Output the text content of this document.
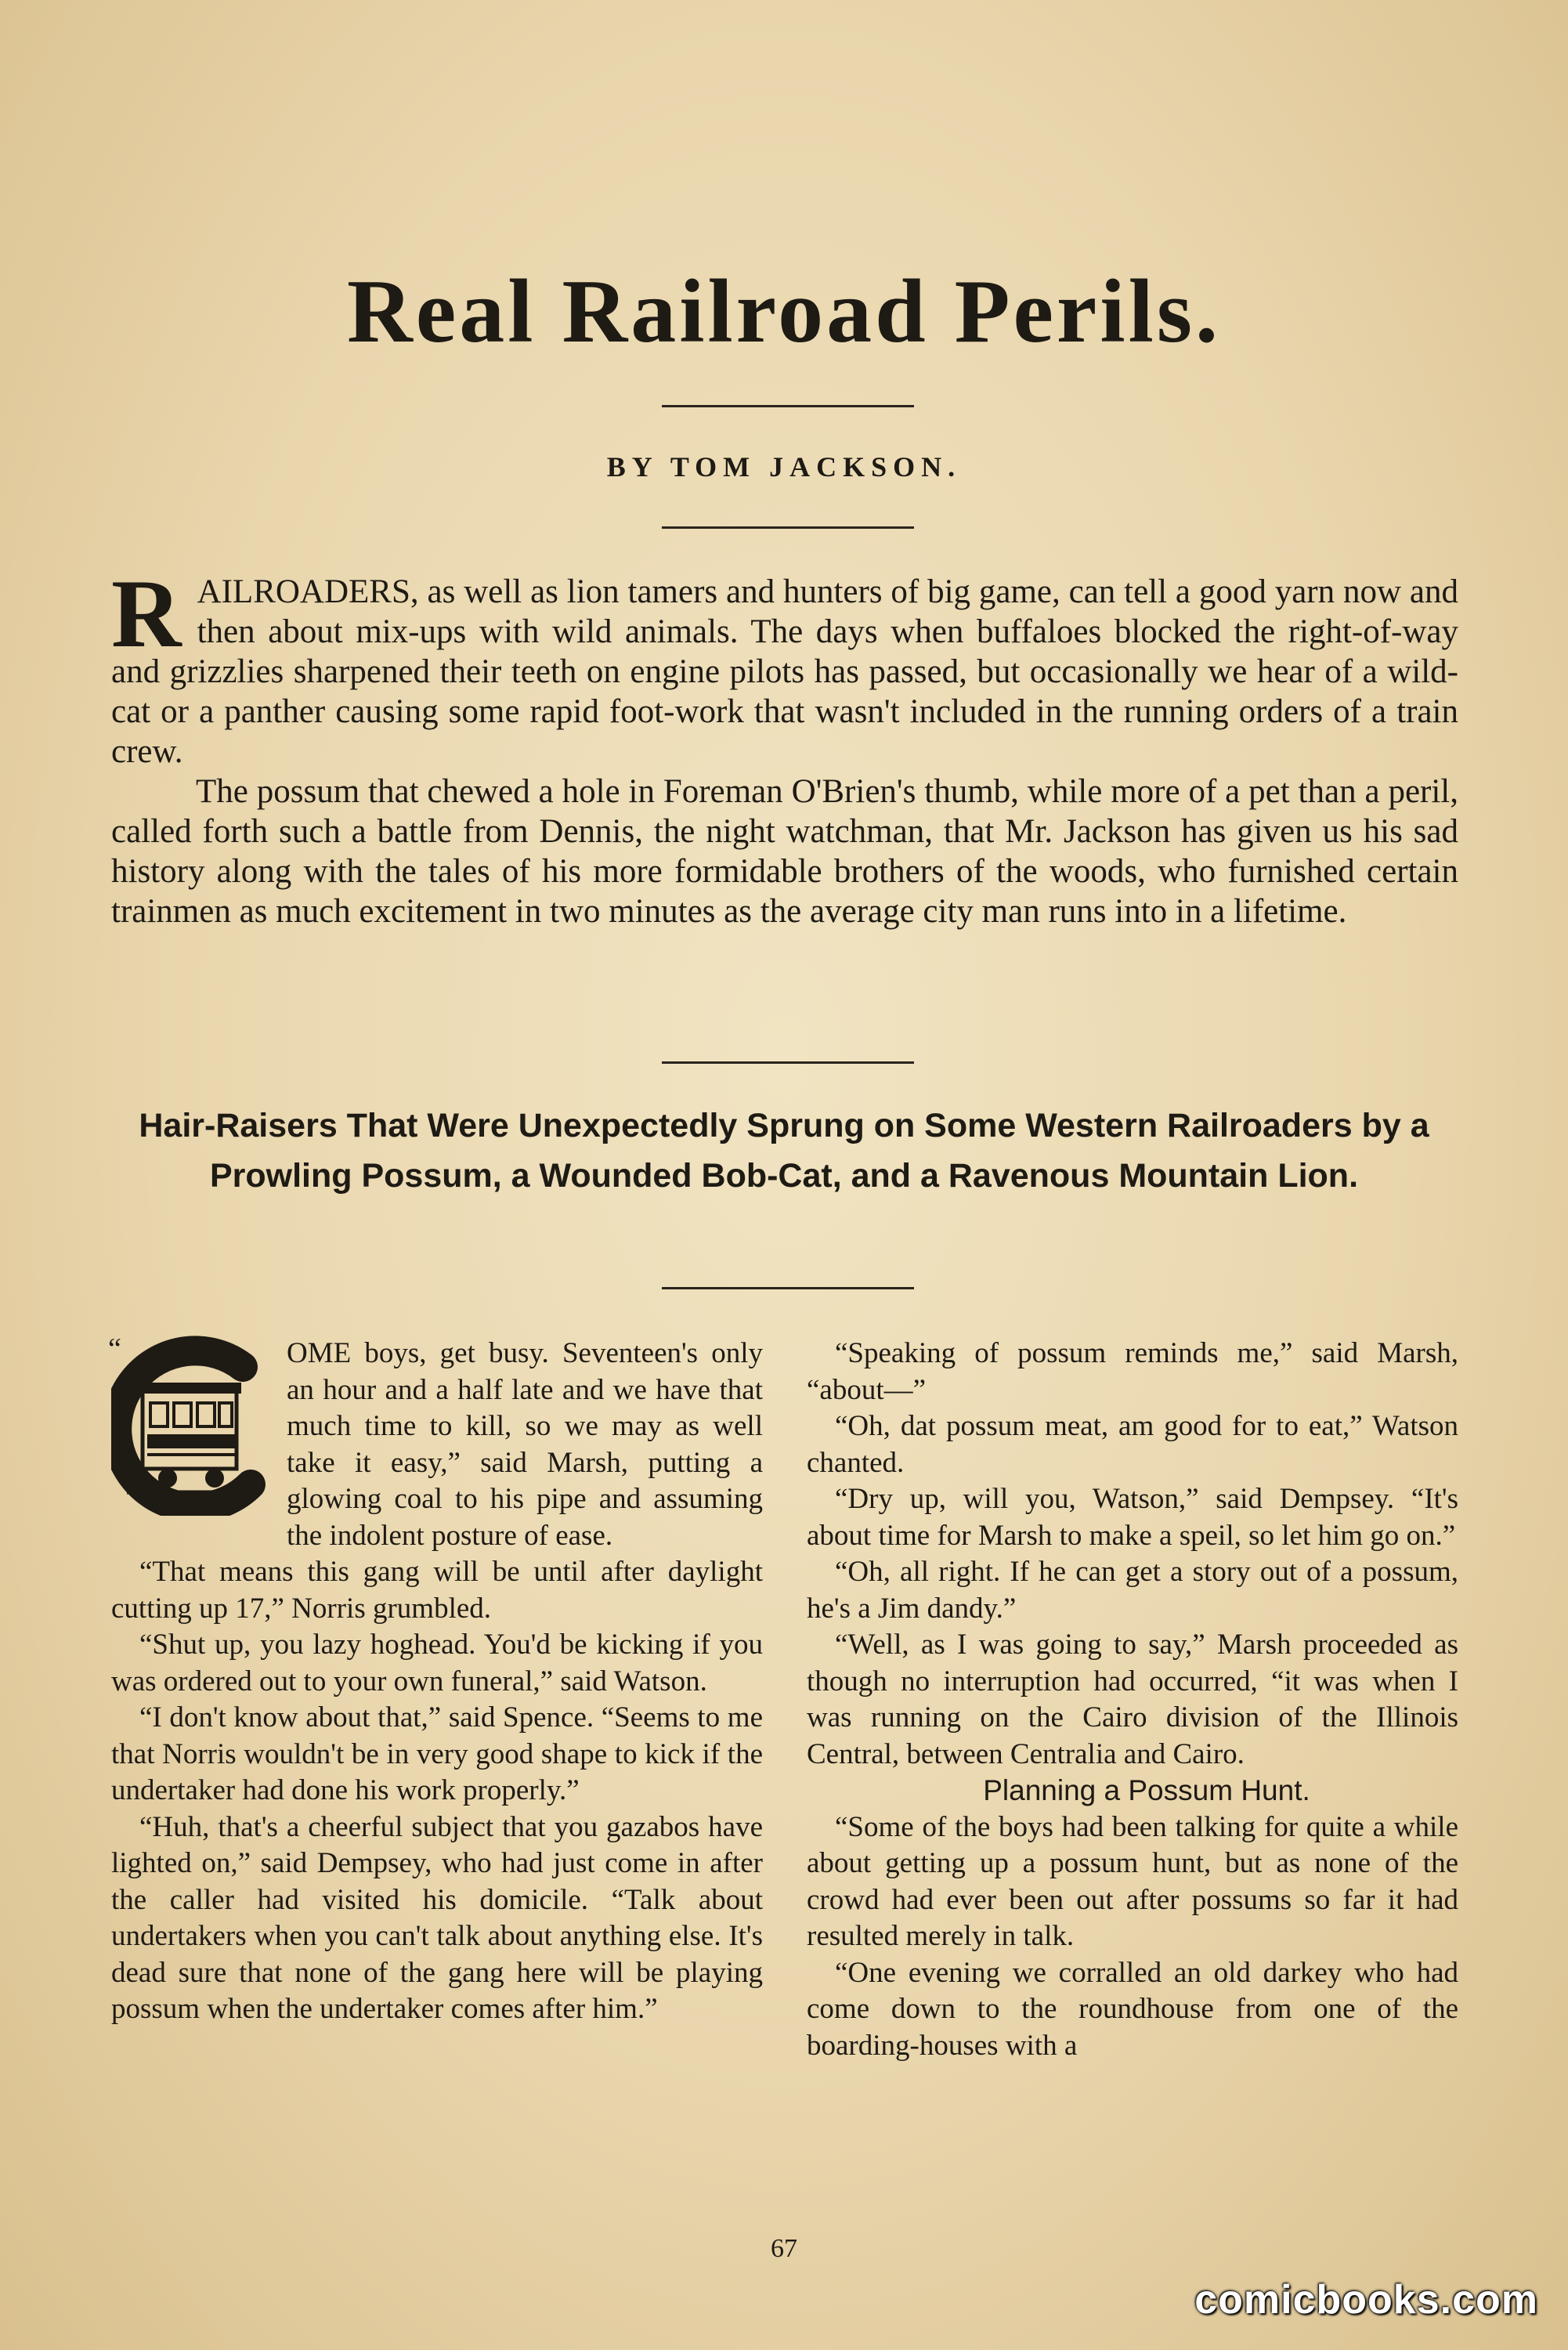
Real Railroad Perils.
BY TOM JACKSON.

RAILROADERS, as well as lion tamers and hunters of big game, can tell a good yarn now and then about mix-ups with wild animals. The days when buffaloes blocked the right-of-way and grizzlies sharpened their teeth on engine pilots has passed, but occasionally we hear of a wild-cat or a panther causing some rapid foot-work that wasn't included in the running orders of a train crew.

The possum that chewed a hole in Foreman O'Brien's thumb, while more of a pet than a peril, called forth such a battle from Dennis, the night watchman, that Mr. Jackson has given us his sad history along with the tales of his more formidable brothers of the woods, who furnished certain trainmen as much excitement in two minutes as the average city man runs into in a lifetime.

Hair-Raisers That Were Unexpectedly Sprung on Some Western Railroaders by a Prowling Possum, a Wounded Bob-Cat, and a Ravenous Mountain Lion.

“	OME boys, get busy. Seventeen's only an hour and a half late and we have that much time to kill, so we may as well take it easy,” said Marsh, putting a glowing coal to his pipe and assuming the indolent posture of ease.

“That means this gang will be until after daylight cutting up 17,” Norris grumbled.

“Shut up, you lazy hoghead. You'd be kicking if you was ordered out to your own funeral,” said Watson.

“I don't know about that,” said Spence. “Seems to me that Norris wouldn't be in very good shape to kick if the undertaker had done his work properly.”

“Huh, that's a cheerful subject that you gazabos have lighted on,” said Dempsey, who had just come in after the caller had visited his domicile. “Talk about undertakers when you can't talk about anything else. It's dead sure that none of the gang here will be playing possum when the undertaker comes after him.”

“Speaking of possum reminds me,” said Marsh, “about—”

“Oh, dat possum meat, am good for to eat,” Watson chanted.

“Dry up, will you, Watson,” said Dempsey. “It's about time for Marsh to make a speil, so let him go on.”

“Oh, all right. If he can get a story out of a possum, he's a Jim dandy.”

“Well, as I was going to say,” Marsh proceeded as though no interruption had occurred, “it was when I was running on the Cairo division of the Illinois Central, between Centralia and Cairo.

Planning a Possum Hunt.

“Some of the boys had been talking for quite a while about getting up a possum hunt, but as none of the crowd had ever been out after possums so far it had resulted merely in talk.

“One evening we corralled an old darkey who had come down to the roundhouse from one of the boarding-houses with a

67
comicbooks.com
